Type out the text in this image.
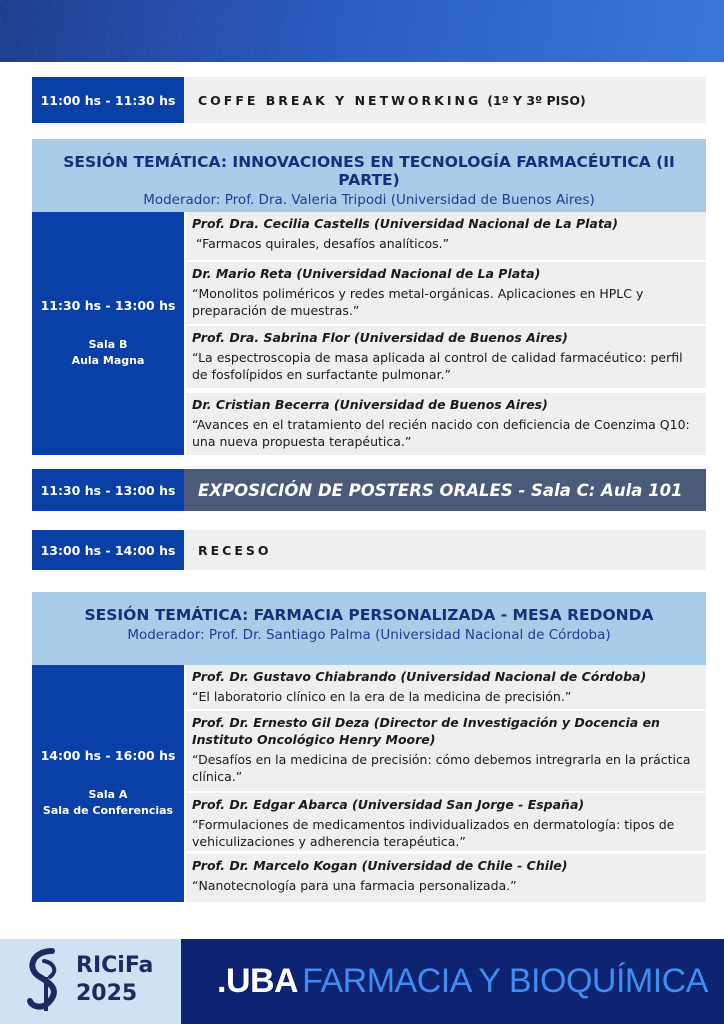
11:00 hs - 11:30 hs	COFFE BREAK Y NETWORKING (1º Y 3º PISO)
SESIÓN TEMÁTICA: INNOVACIONES EN TECNOLOGÍA FARMACÉUTICA (II PARTE)
Moderador: Prof. Dra. Valeria Tripodi (Universidad de Buenos Aires)
11:30 hs - 13:00 hs
Sala B
Aula Magna
Prof. Dra. Cecilia Castells (Universidad Nacional de La Plata)
“Farmacos quirales, desafíos analíticos.”
Dr. Mario Reta (Universidad Nacional de La Plata)
“Monolitos poliméricos y redes metal-orgánicas. Aplicaciones en HPLC y preparación de muestras.”
Prof. Dra. Sabrina Flor (Universidad de Buenos Aires)
“La espectroscopia de masa aplicada al control de calidad farmacéutico: perfil de fosfolípidos en surfactante pulmonar.”
Dr. Cristian Becerra (Universidad de Buenos Aires)
“Avances en el tratamiento del recién nacido con deficiencia de Coenzima Q10: una nueva propuesta terapéutica.”
11:30 hs - 13:00 hs	EXPOSICIÓN DE POSTERS ORALES - Sala C: Aula 101
13:00 hs - 14:00 hs	RECESO
SESIÓN TEMÁTICA: FARMACIA PERSONALIZADA - MESA REDONDA
Moderador: Prof. Dr. Santiago Palma (Universidad Nacional de Córdoba)
14:00 hs - 16:00 hs
Sala A
Sala de Conferencias
Prof. Dr. Gustavo Chiabrando (Universidad Nacional de Córdoba)
“El laboratorio clínico en la era de la medicina de precisión.”
Prof. Dr. Ernesto Gil Deza (Director de Investigación y Docencia en Instituto Oncológico Henry Moore)
“Desafíos en la medicina de precisión: cómo debemos intregrarla en la práctica clínica.”
Prof. Dr. Edgar Abarca (Universidad San Jorge - España)
“Formulaciones de medicamentos individualizados en dermatología: tipos de vehiculizaciones y adherencia terapéutica.”
Prof. Dr. Marcelo Kogan (Universidad de Chile - Chile)
“Nanotecnología para una farmacia personalizada.”
RICiFa
2025 .UBA FARMACIA Y BIOQUÍMICA
